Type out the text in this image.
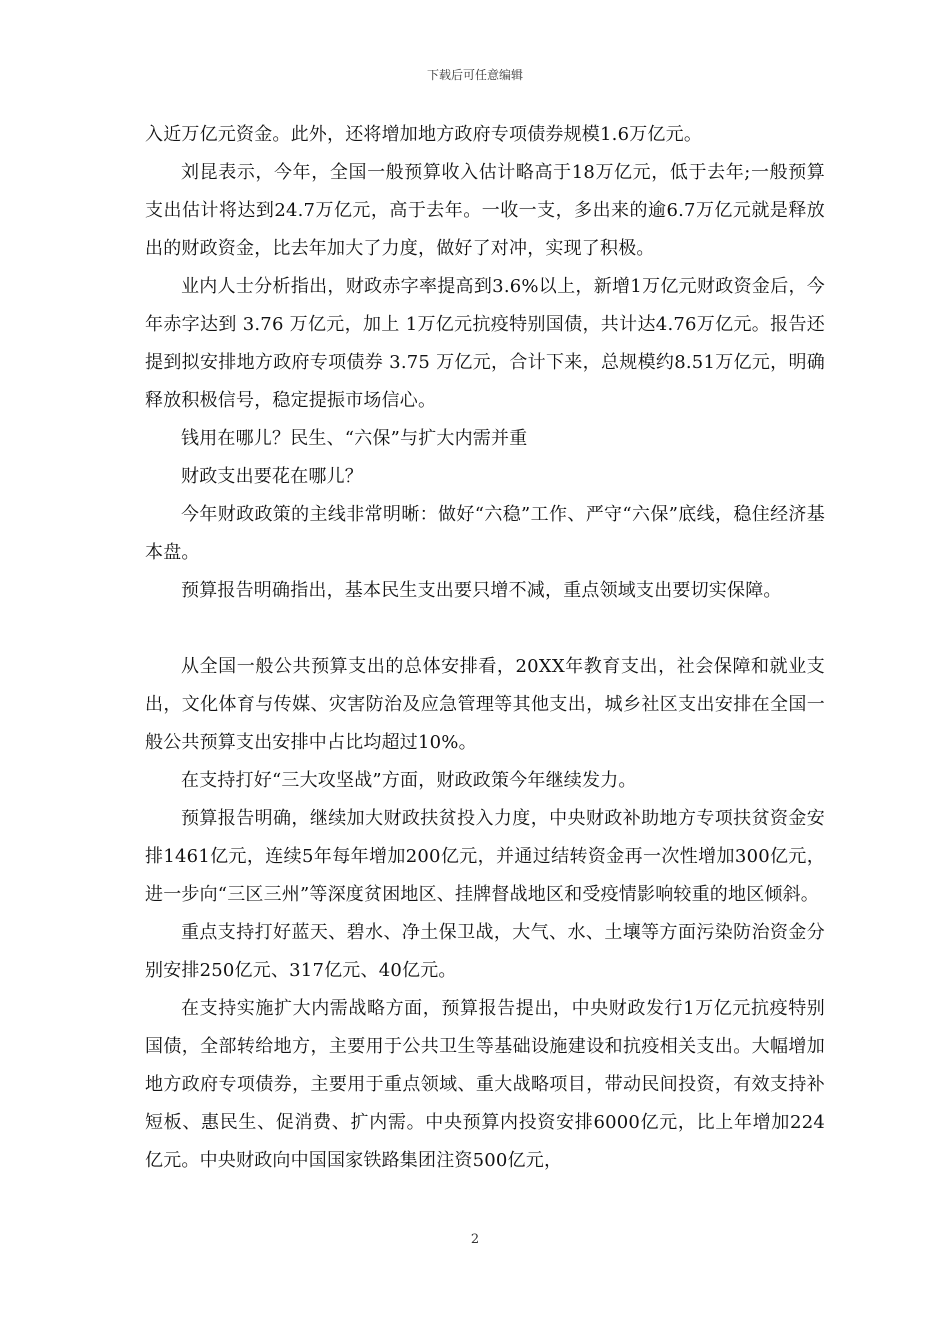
下载后可任意编辑

入近万亿元资金。此外，还将增加地方政府专项债券规模1.6万亿元。

刘昆表示，今年，全国一般预算收入估计略高于18万亿元，低于去年;一般预算支出估计将达到24.7万亿元，高于去年。一收一支，多出来的逾6.7万亿元就是释放出的财政资金，比去年加大了力度，做好了对冲，实现了积极。

业内人士分析指出，财政赤字率提高到3.6%以上，新增1万亿元财政资金后，今年赤字达到 3.76 万亿元，加上 1万亿元抗疫特别国债，共计达4.76万亿元。报告还提到拟安排地方政府专项债券 3.75 万亿元，合计下来，总规模约8.51万亿元，明确释放积极信号，稳定提振市场信心。

钱用在哪儿？民生、“六保”与扩大内需并重

财政支出要花在哪儿？

今年财政政策的主线非常明晰：做好“六稳”工作、严守“六保”底线，稳住经济基本盘。

预算报告明确指出，基本民生支出要只增不减，重点领域支出要切实保障。

从全国一般公共预算支出的总体安排看，20XX年教育支出，社会保障和就业支出，文化体育与传媒、灾害防治及应急管理等其他支出，城乡社区支出安排在全国一般公共预算支出安排中占比均超过10%。

在支持打好“三大攻坚战”方面，财政政策今年继续发力。

预算报告明确，继续加大财政扶贫投入力度，中央财政补助地方专项扶贫资金安排1461亿元，连续5年每年增加200亿元，并通过结转资金再一次性增加300亿元，进一步向“三区三州”等深度贫困地区、挂牌督战地区和受疫情影响较重的地区倾斜。

重点支持打好蓝天、碧水、净土保卫战，大气、水、土壤等方面污染防治资金分别安排250亿元、317亿元、40亿元。

在支持实施扩大内需战略方面，预算报告提出，中央财政发行1万亿元抗疫特别国债，全部转给地方，主要用于公共卫生等基础设施建设和抗疫相关支出。大幅增加地方政府专项债券，主要用于重点领域、重大战略项目，带动民间投资，有效支持补短板、惠民生、促消费、扩内需。中央预算内投资安排6000亿元，比上年增加224亿元。中央财政向中国国家铁路集团注资500亿元，

2
